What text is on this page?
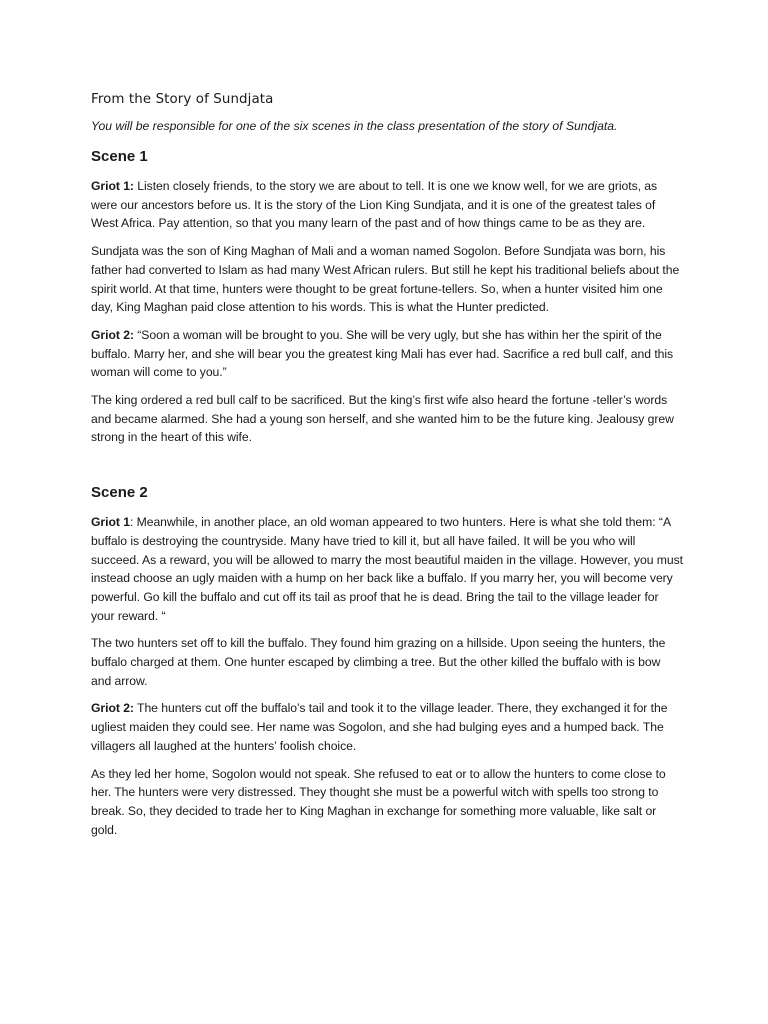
From the Story of Sundjata
You will be responsible for one of the six scenes in the class presentation of the story of Sundjata.
Scene 1

Griot 1: Listen closely friends, to the story we are about to tell. It is one we know well, for we are griots, as were our ancestors before us. It is the story of the Lion King Sundjata, and it is one of the greatest tales of West Africa. Pay attention, so that you many learn of the past and of how things came to be as they are.

Sundjata was the son of King Maghan of Mali and a woman named Sogolon. Before Sundjata was born, his father had converted to Islam as had many West African rulers. But still he kept his traditional beliefs about the spirit world. At that time, hunters were thought to be great fortune-tellers. So, when a hunter visited him one day, King Maghan paid close attention to his words. This is what the Hunter predicted.

Griot 2: “Soon a woman will be brought to you. She will be very ugly, but she has within her the spirit of the buffalo. Marry her, and she will bear you the greatest king Mali has ever had. Sacrifice a red bull calf, and this woman will come to you.”

The king ordered a red bull calf to be sacrificed. But the king’s first wife also heard the fortune -teller’s words and became alarmed. She had a young son herself, and she wanted him to be the future king. Jealousy grew strong in the heart of this wife.

Scene 2

Griot 1: Meanwhile, in another place, an old woman appeared to two hunters. Here is what she told them: “A buffalo is destroying the countryside. Many have tried to kill it, but all have failed. It will be you who will succeed. As a reward, you will be allowed to marry the most beautiful maiden in the village. However, you must instead choose an ugly maiden with a hump on her back like a buffalo. If you marry her, you will become very powerful. Go kill the buffalo and cut off its tail as proof that he is dead. Bring the tail to the village leader for your reward. “

The two hunters set off to kill the buffalo. They found him grazing on a hillside. Upon seeing the hunters, the buffalo charged at them. One hunter escaped by climbing a tree. But the other killed the buffalo with is bow and arrow.

Griot 2: The hunters cut off the buffalo’s tail and took it to the village leader. There, they exchanged it for the ugliest maiden they could see. Her name was Sogolon, and she had bulging eyes and a humped back. The villagers all laughed at the hunters’ foolish choice.

As they led her home, Sogolon would not speak. She refused to eat or to allow the hunters to come close to her. The hunters were very distressed. They thought she must be a powerful witch with spells too strong to break. So, they decided to trade her to King Maghan in exchange for something more valuable, like salt or gold.
